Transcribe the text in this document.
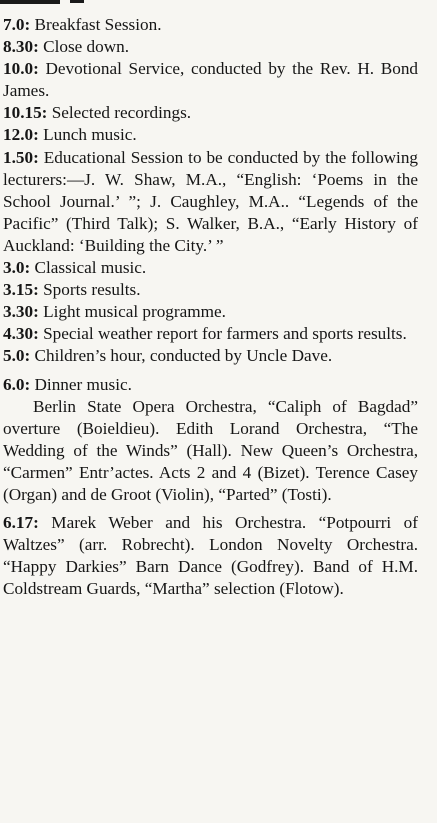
7.0: Breakfast Session.

8.30: Close down.

10.0: Devotional Service, conducted by the Rev. H. Bond James.

10.15: Selected recordings.

12.0: Lunch music.

1.50: Educational Session to be conducted by the following lecturers:—J. W. Shaw, M.A., “English: ‘Poems in the School Journal.’ ”; J. Caughley, M.A.. “Legends of the Pacific” (Third Talk); S. Walker, B.A., “Early History of Auckland: ‘Building the City.’ ”

3.0: Classical music.

3.15: Sports results.

3.30: Light musical programme.

4.30: Special weather report for farmers and sports results.

5.0: Children’s hour, conducted by Uncle Dave.

6.0: Dinner music.

Berlin State Opera Orchestra, “Caliph of Bagdad” overture (Boieldieu). Edith Lorand Orchestra, “The Wedding of the Winds” (Hall). New Queen’s Orchestra, “Carmen” Entr’actes. Acts 2 and 4 (Bizet). Terence Casey (Organ) and de Groot (Violin), “Parted” (Tosti).

6.17: Marek Weber and his Orchestra. “Potpourri of Waltzes” (arr. Robrecht). London Novelty Orchestra. “Happy Darkies” Barn Dance (Godfrey). Band of H.M. Coldstream Guards, “Martha” selection (Flotow).
